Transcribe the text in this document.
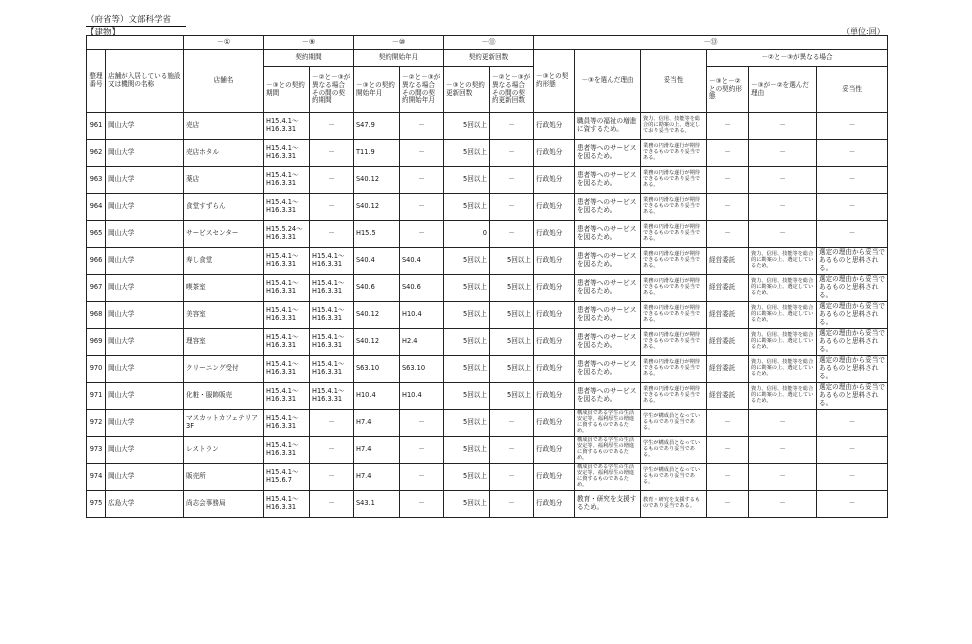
（府省等）文部科学省
【建物】	（単位:回）
		－①	－⑨		－⑩		－⑪		－⑬					
整理番号	店舗が入居している施設又は機関の名称	店舗名	契約期間		契約開始年月		契約更新回数		－③との契約形態	－③を選んだ理由	妥当性	－②と－③が異なる場合		
			－③との契約期間	－②と－③が異なる場合その間の契約期間	－③との契約開始年月	－②と－③が異なる場合その間の契約開始年月	－③との契約更新回数	－②と－③が異なる場合その間の契約更新回数				－③と－②との契約形態	－③が－②を選んだ理由	妥当性
961	岡山大学	売店	H15.4.1～H16.3.31	－	S47.9	－	5回以上	－	行政処分	職員等の福祉の増進に資するため。	資力、信用、技能等を総合的に勘案の上、選定しており妥当である。	－	－	－
962	岡山大学	売店ホタル	H15.4.1～H16.3.31	－	T11.9	－	5回以上	－	行政処分	患者等へのサービスを図るため。	業務の円滑な遂行が期待できるものであり妥当である。	－	－	－
963	岡山大学	薬店	H15.4.1～H16.3.31	－	S40.12	－	5回以上	－	行政処分	患者等へのサービスを図るため。	業務の円滑な遂行が期待できるものであり妥当である。	－	－	－
964	岡山大学	食堂すずらん	H15.4.1～H16.3.31	－	S40.12	－	5回以上	－	行政処分	患者等へのサービスを図るため。	業務の円滑な遂行が期待できるものであり妥当である。	－	－	－
965	岡山大学	サービスセンター	H15.5.24～H16.3.31	－	H15.5	－	0	－	行政処分	患者等へのサービスを図るため。	業務の円滑な遂行が期待できるものであり妥当である。	－	－	－
966	岡山大学	寿し食堂	H15.4.1～H16.3.31	H15.4.1～H16.3.31	S40.4	S40.4	5回以上	5回以上	行政処分	患者等へのサービスを図るため。	業務の円滑な遂行が期待できるものであり妥当である。	経営委託	資力、信用、技能等を総合的に勘案の上、選定しているため。	選定の理由から妥当であるものと思料される。
967	岡山大学	喫茶室	H15.4.1～H16.3.31	H15.4.1～H16.3.31	S40.6	S40.6	5回以上	5回以上	行政処分	患者等へのサービスを図るため。	業務の円滑な遂行が期待できるものであり妥当である。	経営委託	資力、信用、技能等を総合的に勘案の上、選定しているため。	選定の理由から妥当であるものと思料される。
968	岡山大学	美容室	H15.4.1～H16.3.31	H15.4.1～H16.3.31	S40.12	H10.4	5回以上	5回以上	行政処分	患者等へのサービスを図るため。	業務の円滑な遂行が期待できるものであり妥当である。	経営委託	資力、信用、技能等を総合的に勘案の上、選定しているため。	選定の理由から妥当であるものと思料される。
969	岡山大学	理容室	H15.4.1～H16.3.31	H15.4.1～H16.3.31	S40.12	H2.4	5回以上	5回以上	行政処分	患者等へのサービスを図るため。	業務の円滑な遂行が期待できるものであり妥当である。	経営委託	資力、信用、技能等を総合的に勘案の上、選定しているため。	選定の理由から妥当であるものと思料される。
970	岡山大学	クリーニング受付	H15.4.1～H16.3.31	H15.4.1～H16.3.31	S63.10	S63.10	5回以上	5回以上	行政処分	患者等へのサービスを図るため。	業務の円滑な遂行が期待できるものであり妥当である。	経営委託	資力、信用、技能等を総合的に勘案の上、選定しているため。	選定の理由から妥当であるものと思料される。
971	岡山大学	化粧・服飾販売	H15.4.1～H16.3.31	H15.4.1～H16.3.31	H10.4	H10.4	5回以上	5回以上	行政処分	患者等へのサービスを図るため。	業務の円滑な遂行が期待できるものであり妥当である。	経営委託	資力、信用、技能等を総合的に勘案の上、選定しているため。	選定の理由から妥当であるものと思料される。
972	岡山大学	マスカットカフェテリア3F	H15.4.1～H16.3.31	－	H7.4	－	5回以上	－	行政処分	構成員である学生の生活安定等、福利厚生の増進に資するものであるため。	学生が構成員となっているものであり妥当である。	－	－	－
973	岡山大学	レストラン	H15.4.1～H16.3.31	－	H7.4	－	5回以上	－	行政処分	構成員である学生の生活安定等、福利厚生の増進に資するものであるため。	学生が構成員となっているものであり妥当である。	－	－	－
974	岡山大学	販売所	H15.4.1～H15.6.7	－	H7.4	－	5回以上	－	行政処分	構成員である学生の生活安定等、福利厚生の増進に資するものであるため。	学生が構成員となっているものであり妥当である。	－	－	－
975	広島大学	尚志会事務局	H15.4.1～H16.3.31	－	S43.1	－	5回以上	－	行政処分	教育・研究を支援するため。	教育・研究を支援するものであり妥当である。	－	－	－
